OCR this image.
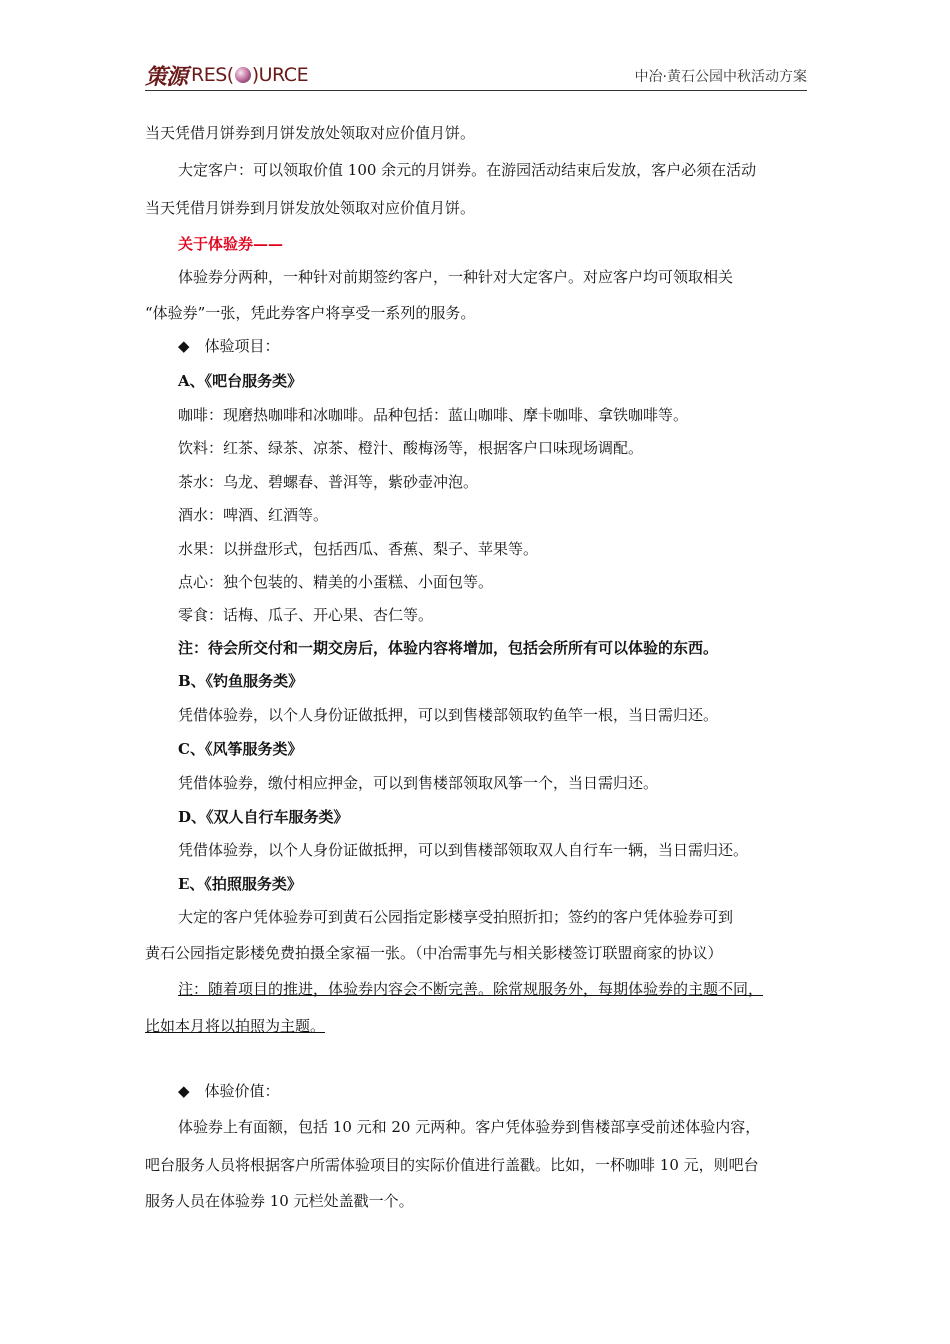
策源 RES ( ) URCE	中冶·黄石公园中秋活动方案
当天凭借月饼券到月饼发放处领取对应价值月饼。
大定客户：可以领取价值 100 余元的月饼券。在游园活动结束后发放，客户必须在活动
当天凭借月饼券到月饼发放处领取对应价值月饼。
关于体验券——
体验券分两种，一种针对前期签约客户，一种针对大定客户。对应客户均可领取相关
“体验券”一张，凭此券客户将享受一系列的服务。
◆　体验项目：
A、《吧台服务类》
咖啡：现磨热咖啡和冰咖啡。品种包括：蓝山咖啡、摩卡咖啡、拿铁咖啡等。
饮料：红茶、绿茶、凉茶、橙汁、酸梅汤等，根据客户口味现场调配。
茶水：乌龙、碧螺春、普洱等，紫砂壶冲泡。
酒水：啤酒、红酒等。
水果：以拼盘形式，包括西瓜、香蕉、梨子、苹果等。
点心：独个包装的、精美的小蛋糕、小面包等。
零食：话梅、瓜子、开心果、杏仁等。
注：待会所交付和一期交房后，体验内容将增加，包括会所所有可以体验的东西。
B、《钓鱼服务类》
凭借体验券，以个人身份证做抵押，可以到售楼部领取钓鱼竿一根，当日需归还。
C、《风筝服务类》
凭借体验券，缴付相应押金，可以到售楼部领取风筝一个，当日需归还。
D、《双人自行车服务类》
凭借体验券，以个人身份证做抵押，可以到售楼部领取双人自行车一辆，当日需归还。
E、《拍照服务类》
大定的客户凭体验券可到黄石公园指定影楼享受拍照折扣；签约的客户凭体验券可到
黄石公园指定影楼免费拍摄全家福一张。（中冶需事先与相关影楼签订联盟商家的协议）
注：随着项目的推进，体验券内容会不断完善。除常规服务外，每期体验券的主题不同，
比如本月将以拍照为主题。
◆　体验价值：
体验券上有面额，包括 10 元和 20 元两种。客户凭体验券到售楼部享受前述体验内容，
吧台服务人员将根据客户所需体验项目的实际价值进行盖戳。比如，一杯咖啡 10 元，则吧台
服务人员在体验券 10 元栏处盖戳一个。
